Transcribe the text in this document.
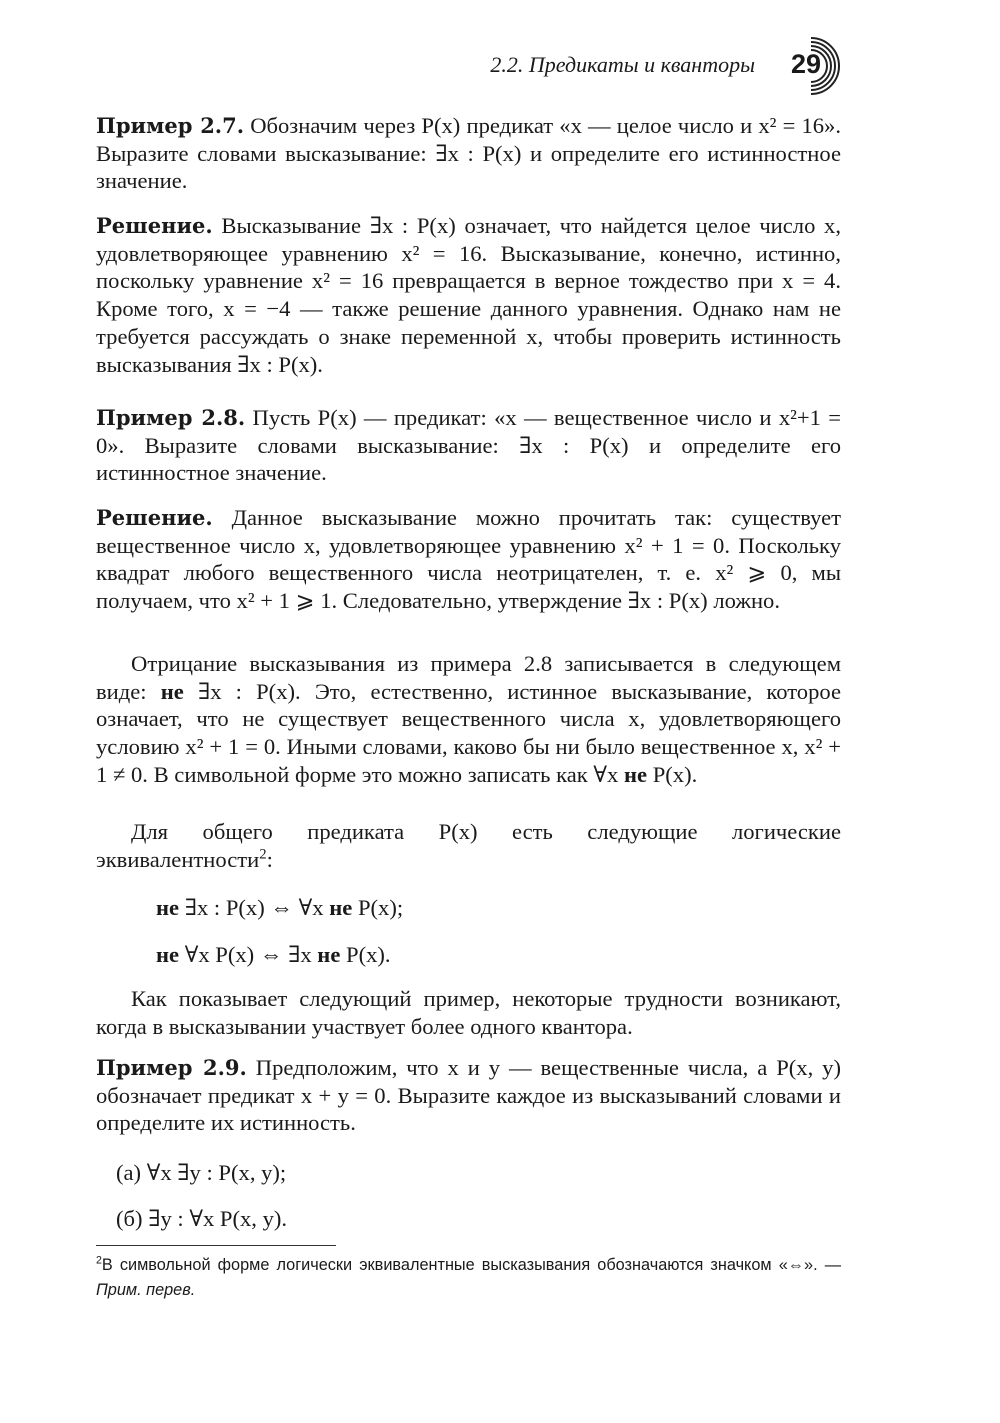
2.2. Предикаты и кванторы	29

Пример 2.7. Обозначим через P(x) предикат «x — целое число и x² = 16». Выразите словами высказывание: ∃x : P(x) и определите его истинностное значение.

Решение. Высказывание ∃x : P(x) означает, что найдется целое число x, удовлетворяющее уравнению x² = 16. Высказывание, конечно, истинно, поскольку уравнение x² = 16 превращается в верное тождество при x = 4. Кроме того, x = −4 — также решение данного уравнения. Однако нам не требуется рассуждать о знаке переменной x, чтобы проверить истинность высказывания ∃x : P(x).

Пример 2.8. Пусть P(x) — предикат: «x — вещественное число и x²+1 = 0». Выразите словами высказывание: ∃x : P(x) и определите его истинностное значение.

Решение. Данное высказывание можно прочитать так: существует вещественное число x, удовлетворяющее уравнению x² + 1 = 0. Поскольку квадрат любого вещественного числа неотрицателен, т. е. x² ⩾ 0, мы получаем, что x² + 1 ⩾ 1. Следовательно, утверждение ∃x : P(x) ложно.

Отрицание высказывания из примера 2.8 записывается в следующем виде: не ∃x : P(x). Это, естественно, истинное высказывание, которое означает, что не существует вещественного числа x, удовлетворяющего условию x² + 1 = 0. Иными словами, каково бы ни было вещественное x, x² + 1 ≠ 0. В символьной форме это можно записать как ∀x не P(x).

Для общего предиката P(x) есть следующие логические эквивалентности$^2$:

не ∃x : P(x) ⇔ ∀x не P(x);
не ∀x P(x) ⇔ ∃x не P(x).

Как показывает следующий пример, некоторые трудности возникают, когда в высказывании участвует более одного квантора.

Пример 2.9. Предположим, что x и y — вещественные числа, а P(x, y) обозначает предикат x + y = 0. Выразите каждое из высказываний словами и определите их истинность.

(а) ∀x ∃y : P(x, y);
(б) ∃y : ∀x P(x, y).

$^2$В символьной форме логически эквивалентные высказывания обозначаются значком «⇔». — Прим. перев.
